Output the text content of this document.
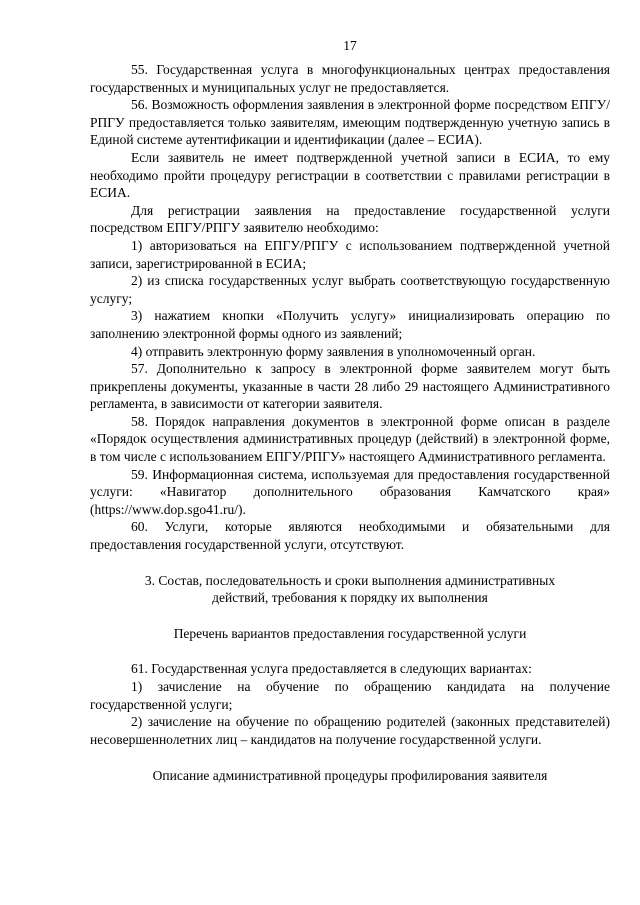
17

55. Государственная услуга в многофункциональных центрах предоставления государственных и муниципальных услуг не предоставляется.

56. Возможность оформления заявления в электронной форме посредством ЕПГУ/РПГУ предоставляется только заявителям, имеющим подтвержденную учетную запись в Единой системе аутентификации и идентификации (далее – ЕСИА).

Если заявитель не имеет подтвержденной учетной записи в ЕСИА, то ему необходимо пройти процедуру регистрации в соответствии с правилами регистрации в ЕСИА.

Для регистрации заявления на предоставление государственной услуги посредством ЕПГУ/РПГУ заявителю необходимо:

1) авторизоваться на ЕПГУ/РПГУ с использованием подтвержденной учетной записи, зарегистрированной в ЕСИА;

2) из списка государственных услуг выбрать соответствующую государственную услугу;

3) нажатием кнопки «Получить услугу» инициализировать операцию по заполнению электронной формы одного из заявлений;

4) отправить электронную форму заявления в уполномоченный орган.

57. Дополнительно к запросу в электронной форме заявителем могут быть прикреплены документы, указанные в части 28 либо 29 настоящего Административного регламента, в зависимости от категории заявителя.

58. Порядок направления документов в электронной форме описан в разделе «Порядок осуществления административных процедур (действий) в электронной форме, в том числе с использованием ЕПГУ/РПГУ» настоящего Административного регламента.

59. Информационная система, используемая для предоставления государственной услуги: «Навигатор дополнительного образования Камчатского края» (https://www.dop.sgo41.ru/).

60. Услуги, которые являются необходимыми и обязательными для предоставления государственной услуги, отсутствуют.

3. Состав, последовательность и сроки выполнения административных
действий, требования к порядку их выполнения
Перечень вариантов предоставления государственной услуги

61. Государственная услуга предоставляется в следующих вариантах:

1) зачисление на обучение по обращению кандидата на получение государственной услуги;

2) зачисление на обучение по обращению родителей (законных представителей) несовершеннолетних лиц – кандидатов на получение государственной услуги.

Описание административной процедуры профилирования заявителя
